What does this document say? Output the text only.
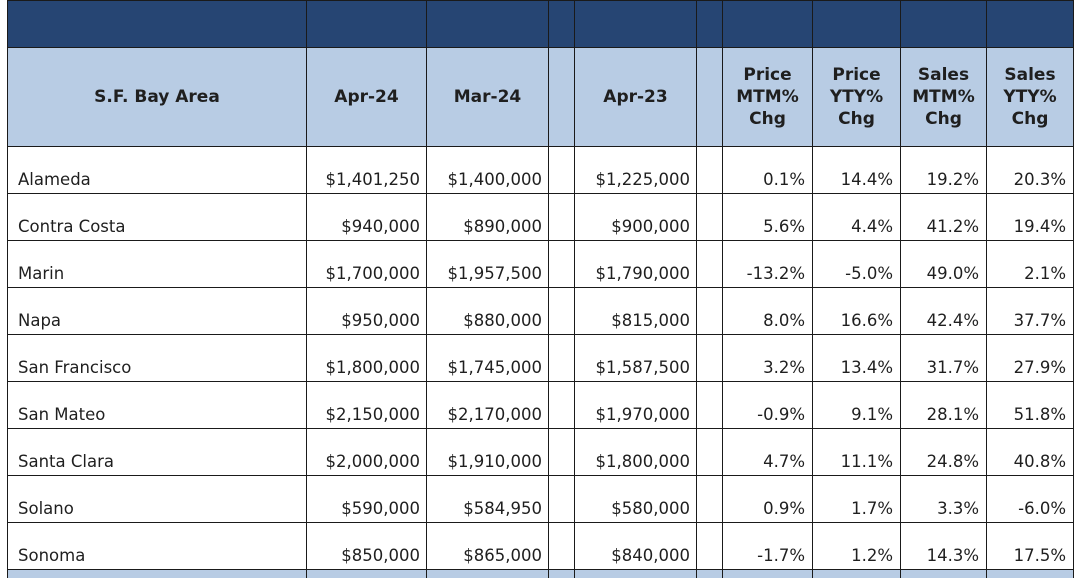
S.F. Bay Area	Apr-24	Mar-24		Apr-23		Price MTM% Chg	Price YTY% Chg	Sales MTM% Chg	Sales YTY% Chg
Alameda	$1,401,250	$1,400,000		$1,225,000		0.1%	14.4%	19.2%	20.3%
Contra Costa	$940,000	$890,000		$900,000		5.6%	4.4%	41.2%	19.4%
Marin	$1,700,000	$1,957,500		$1,790,000		-13.2%	-5.0%	49.0%	2.1%
Napa	$950,000	$880,000		$815,000		8.0%	16.6%	42.4%	37.7%
San Francisco	$1,800,000	$1,745,000		$1,587,500		3.2%	13.4%	31.7%	27.9%
San Mateo	$2,150,000	$2,170,000		$1,970,000		-0.9%	9.1%	28.1%	51.8%
Santa Clara	$2,000,000	$1,910,000		$1,800,000		4.7%	11.1%	24.8%	40.8%
Solano	$590,000	$584,950		$580,000		0.9%	1.7%	3.3%	-6.0%
Sonoma	$850,000	$865,000		$840,000		-1.7%	1.2%	14.3%	17.5%
